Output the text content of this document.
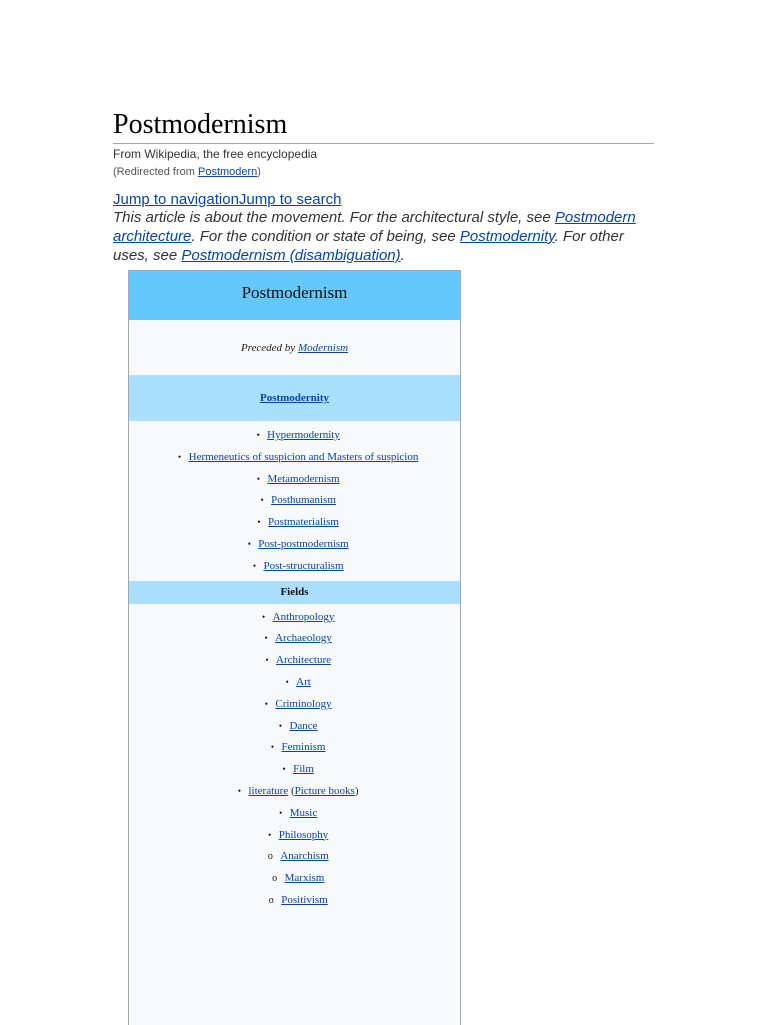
Postmodernism
From Wikipedia, the free encyclopedia
(Redirected from Postmodern)
Jump to navigationJump to search
This article is about the movement. For the architectural style, see Postmodern architecture. For the condition or state of being, see Postmodernity. For other uses, see Postmodernism (disambiguation).
Postmodernism
Preceded by Modernism
Postmodernity
• Hypermodernity
• Hermeneutics of suspicion and Masters of suspicion
• Metamodernism
• Posthumanism
• Postmaterialism
• Post-postmodernism
• Post-structuralism
Fields
• Anthropology
• Archaeology
• Architecture
• Art
• Criminology
• Dance
• Feminism
• Film
• literature (Picture books)
• Music
• Philosophy
o Anarchism
o Marxism
o Positivism
